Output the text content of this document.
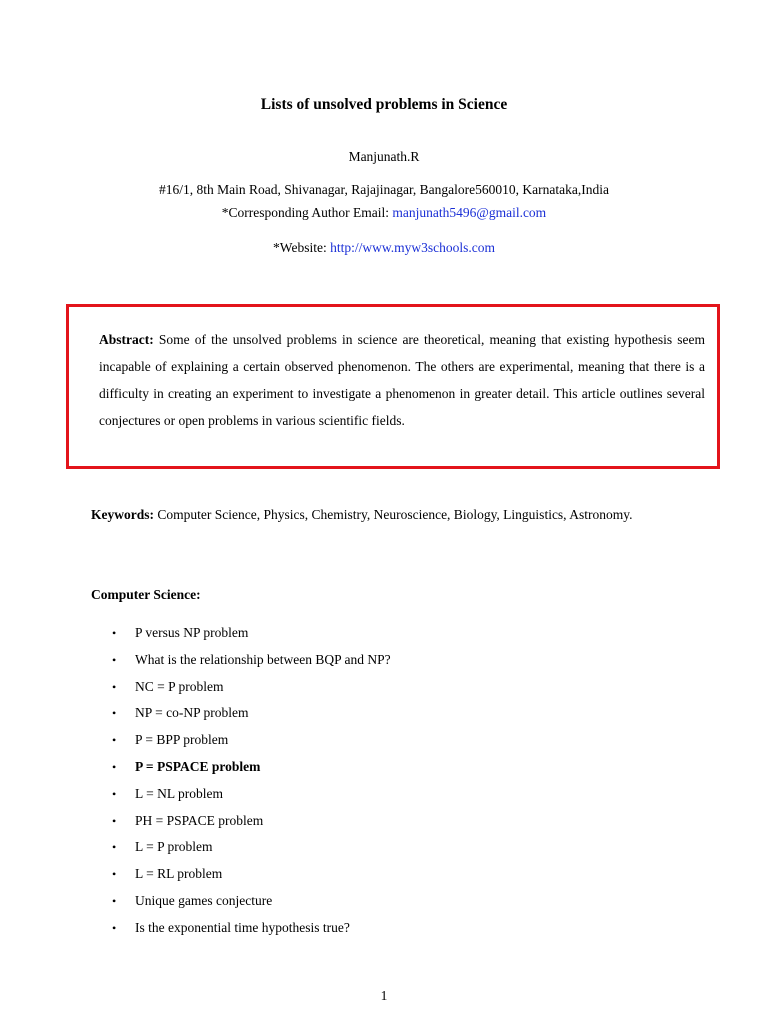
Lists of unsolved problems in Science
Manjunath.R
#16/1, 8th Main Road, Shivanagar, Rajajinagar, Bangalore560010, Karnataka,India
*Corresponding Author Email: manjunath5496@gmail.com
*Website: http://www.myw3schools.com
Abstract: Some of the unsolved problems in science are theoretical, meaning that existing hypothesis seem incapable of explaining a certain observed phenomenon. The others are experimental, meaning that there is a difficulty in creating an experiment to investigate a phenomenon in greater detail. This article outlines several conjectures or open problems in various scientific fields.
Keywords: Computer Science, Physics, Chemistry, Neuroscience, Biology, Linguistics, Astronomy.
Computer Science:
• P versus NP problem
• What is the relationship between BQP and NP?
• NC = P problem
• NP = co-NP problem
• P = BPP problem
• P = PSPACE problem
• L = NL problem
• PH = PSPACE problem
• L = P problem
• L = RL problem
• Unique games conjecture
• Is the exponential time hypothesis true?
1
